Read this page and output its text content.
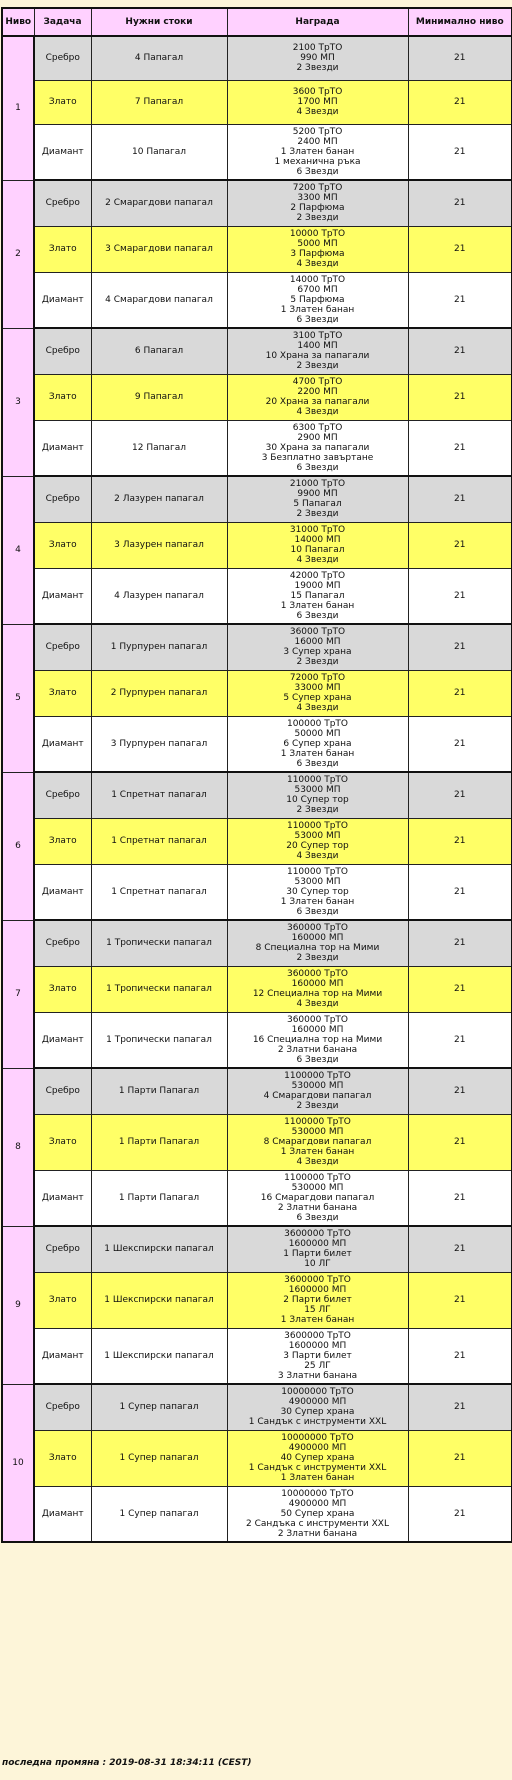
Ниво	Задача	Нужни стоки	Награда	Минимално ниво
1	Сребро	4 Папагал	2100 ТрТО
990 МП
2 Звезди	21
	Злато	7 Папагал	3600 ТрТО
1700 МП
4 Звезди	21
	Диамант	10 Папагал	5200 ТрТО
2400 МП
1 Златен банан
1 механична ръка
6 Звезди	21
2	Сребро	2 Смарагдови папагал	7200 ТрТО
3300 МП
2 Парфюма
2 Звезди	21
	Злато	3 Смарагдови папагал	10000 ТрТО
5000 МП
3 Парфюма
4 Звезди	21
	Диамант	4 Смарагдови папагал	14000 ТрТО
6700 МП
5 Парфюма
1 Златен банан
6 Звезди	21
3	Сребро	6 Папагал	3100 ТрТО
1400 МП
10 Храна за папагали
2 Звезди	21
	Злато	9 Папагал	4700 ТрТО
2200 МП
20 Храна за папагали
4 Звезди	21
	Диамант	12 Папагал	6300 ТрТО
2900 МП
30 Храна за папагали
3 Безплатно завъртане
6 Звезди	21
4	Сребро	2 Лазурен папагал	21000 ТрТО
9900 МП
5 Папагал
2 Звезди	21
	Злато	3 Лазурен папагал	31000 ТрТО
14000 МП
10 Папагал
4 Звезди	21
	Диамант	4 Лазурен папагал	42000 ТрТО
19000 МП
15 Папагал
1 Златен банан
6 Звезди	21
5	Сребро	1 Пурпурен папагал	36000 ТрТО
16000 МП
3 Супер храна
2 Звезди	21
	Злато	2 Пурпурен папагал	72000 ТрТО
33000 МП
5 Супер храна
4 Звезди	21
	Диамант	3 Пурпурен папагал	100000 ТрТО
50000 МП
6 Супер храна
1 Златен банан
6 Звезди	21
6	Сребро	1 Спретнат папагал	110000 ТрТО
53000 МП
10 Супер тор
2 Звезди	21
	Злато	1 Спретнат папагал	110000 ТрТО
53000 МП
20 Супер тор
4 Звезди	21
	Диамант	1 Спретнат папагал	110000 ТрТО
53000 МП
30 Супер тор
1 Златен банан
6 Звезди	21
7	Сребро	1 Тропически папагал	360000 ТрТО
160000 МП
8 Специална тор на Мими
2 Звезди	21
	Злато	1 Тропически папагал	360000 ТрТО
160000 МП
12 Специална тор на Мими
4 Звезди	21
	Диамант	1 Тропически папагал	360000 ТрТО
160000 МП
16 Специална тор на Мими
2 Златни банана
6 Звезди	21
8	Сребро	1 Парти Папагал	1100000 ТрТО
530000 МП
4 Смарагдови папагал
2 Звезди	21
	Злато	1 Парти Папагал	1100000 ТрТО
530000 МП
8 Смарагдови папагал
1 Златен банан
4 Звезди	21
	Диамант	1 Парти Папагал	1100000 ТрТО
530000 МП
16 Смарагдови папагал
2 Златни банана
6 Звезди	21
9	Сребро	1 Шекспирски папагал	3600000 ТрТО
1600000 МП
1 Парти билет
10 ЛГ	21
	Злато	1 Шекспирски папагал	3600000 ТрТО
1600000 МП
2 Парти билет
15 ЛГ
1 Златен банан	21
	Диамант	1 Шекспирски папагал	3600000 ТрТО
1600000 МП
3 Парти билет
25 ЛГ
3 Златни банана	21
10	Сребро	1 Супер папагал	10000000 ТрТО
4900000 МП
30 Супер храна
1 Сандък с инструменти XXL	21
	Злато	1 Супер папагал	10000000 ТрТО
4900000 МП
40 Супер храна
1 Сандък с инструменти XXL
1 Златен банан	21
	Диамант	1 Супер папагал	10000000 ТрТО
4900000 МП
50 Супер храна
2 Сандъка с инструменти XXL
2 Златни банана	21
последна промяна : 2019-08-31 18:34:11 (CEST)
